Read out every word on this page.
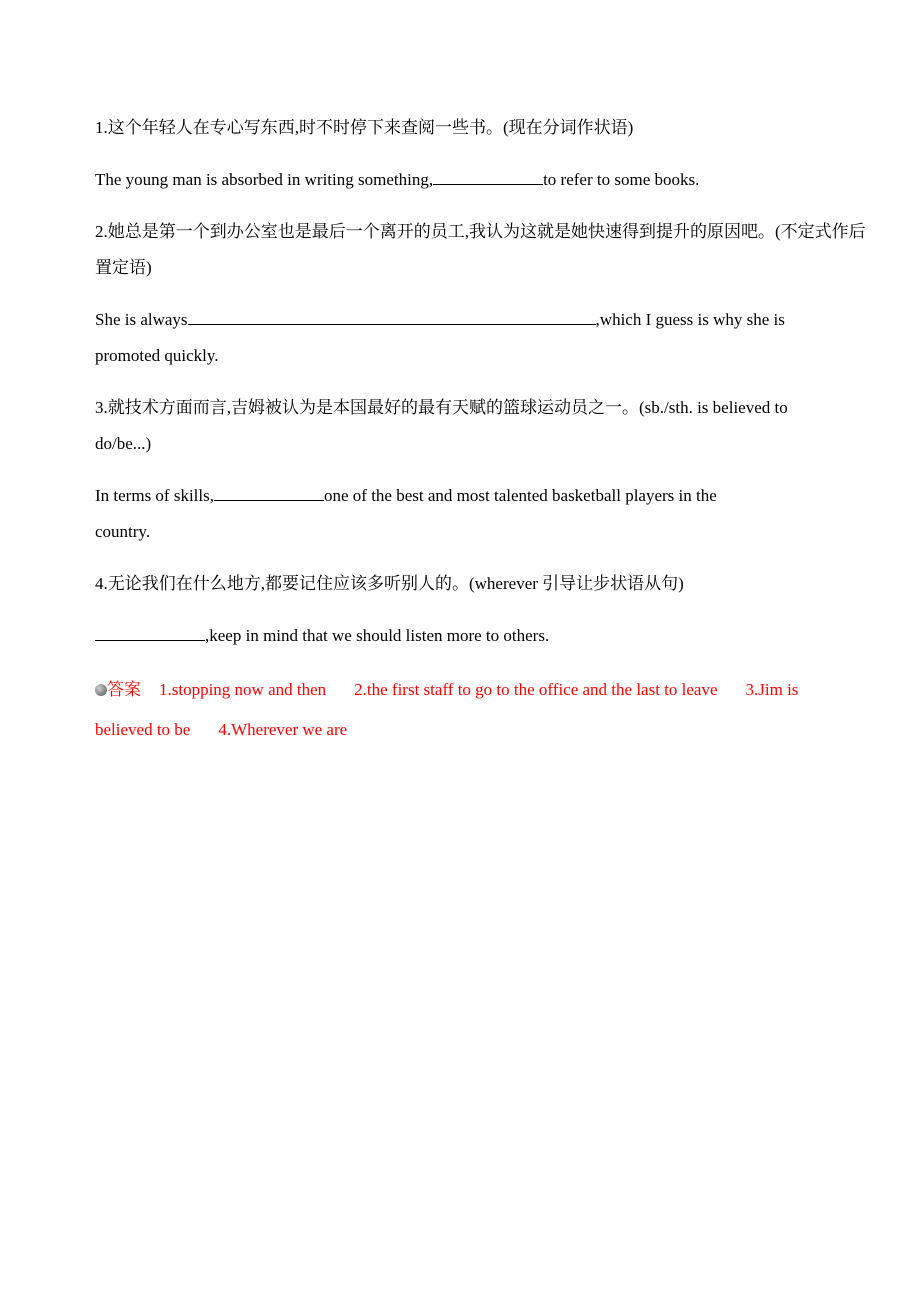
1.这个年轻人在专心写东西,时不时停下来查阅一些书。(现在分词作状语)
The young man is absorbed in writing something,	to refer to some books.
2.她总是第一个到办公室也是最后一个离开的员工,我认为这就是她快速得到提升的原因吧。(不定式作后置定语)
She is always	,which I guess is why she is
promoted quickly.
3.就技术方面而言,吉姆被认为是本国最好的最有天赋的篮球运动员之一。(sb./sth. is believed to do/be...)
In terms of skills,	one of the best and most talented basketball players in the
country.
4.无论我们在什么地方,都要记住应该多听别人的。(wherever 引导让步状语从句)
,keep in mind that we should listen more to others.
答案 1.stopping now and then 2.the first staff to go to the office and the last to leave 3.Jim is believed to be 4.Wherever we are
